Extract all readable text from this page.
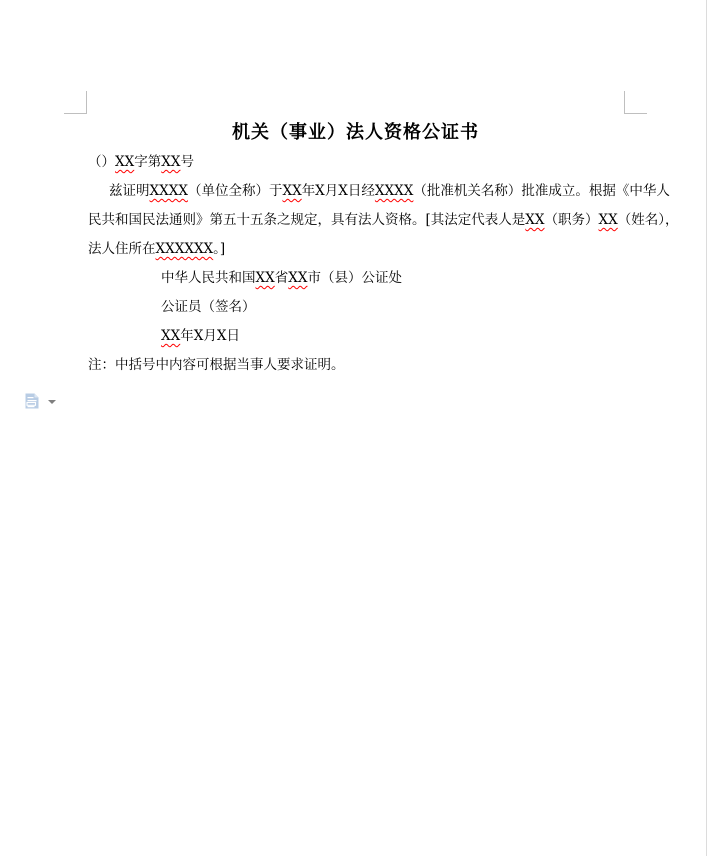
机关（事业）法人资格公证书
（）XX字第XX号
兹证明XXXX（单位全称）于XX年X月X日经XXXX（批准机关名称）批准成立。根据《中华人
民共和国民法通则》第五十五条之规定，具有法人资格。[其法定代表人是XX（职务）XX（姓名），
法人住所在XXXXXX。]
中华人民共和国XX省XX市（县）公证处
公证员（签名）
XX年X月X日
注：中括号中内容可根据当事人要求证明。
